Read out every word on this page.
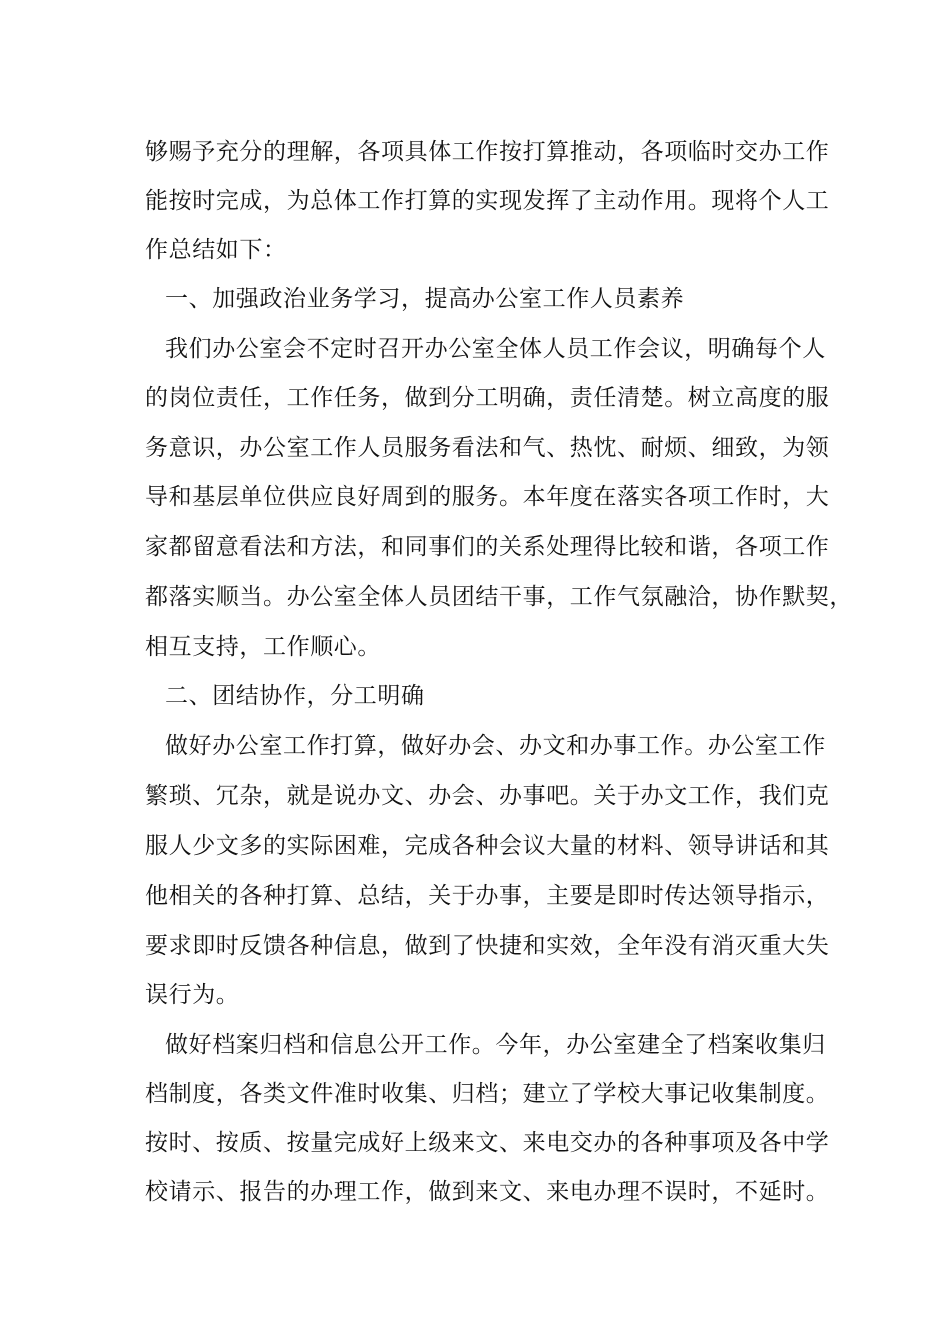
够赐予充分的理解，各项具体工作按打算推动，各项临时交办工作
能按时完成，为总体工作打算的实现发挥了主动作用。现将个人工
作总结如下：
一、加强政治业务学习，提高办公室工作人员素养
我们办公室会不定时召开办公室全体人员工作会议，明确每个人
的岗位责任，工作任务，做到分工明确，责任清楚。树立高度的服
务意识，办公室工作人员服务看法和气、热忱、耐烦、细致，为领
导和基层单位供应良好周到的服务。本年度在落实各项工作时，大
家都留意看法和方法，和同事们的关系处理得比较和谐，各项工作
都落实顺当。办公室全体人员团结干事，工作气氛融洽，协作默契，
相互支持，工作顺心。
二、团结协作，分工明确
做好办公室工作打算，做好办会、办文和办事工作。办公室工作
繁琐、冗杂，就是说办文、办会、办事吧。关于办文工作，我们克
服人少文多的实际困难，完成各种会议大量的材料、领导讲话和其
他相关的各种打算、总结，关于办事，主要是即时传达领导指示，
要求即时反馈各种信息，做到了快捷和实效，全年没有消灭重大失
误行为。
做好档案归档和信息公开工作。今年，办公室建全了档案收集归
档制度，各类文件准时收集、归档；建立了学校大事记收集制度。
按时、按质、按量完成好上级来文、来电交办的各种事项及各中学
校请示、报告的办理工作，做到来文、来电办理不误时，不延时。
